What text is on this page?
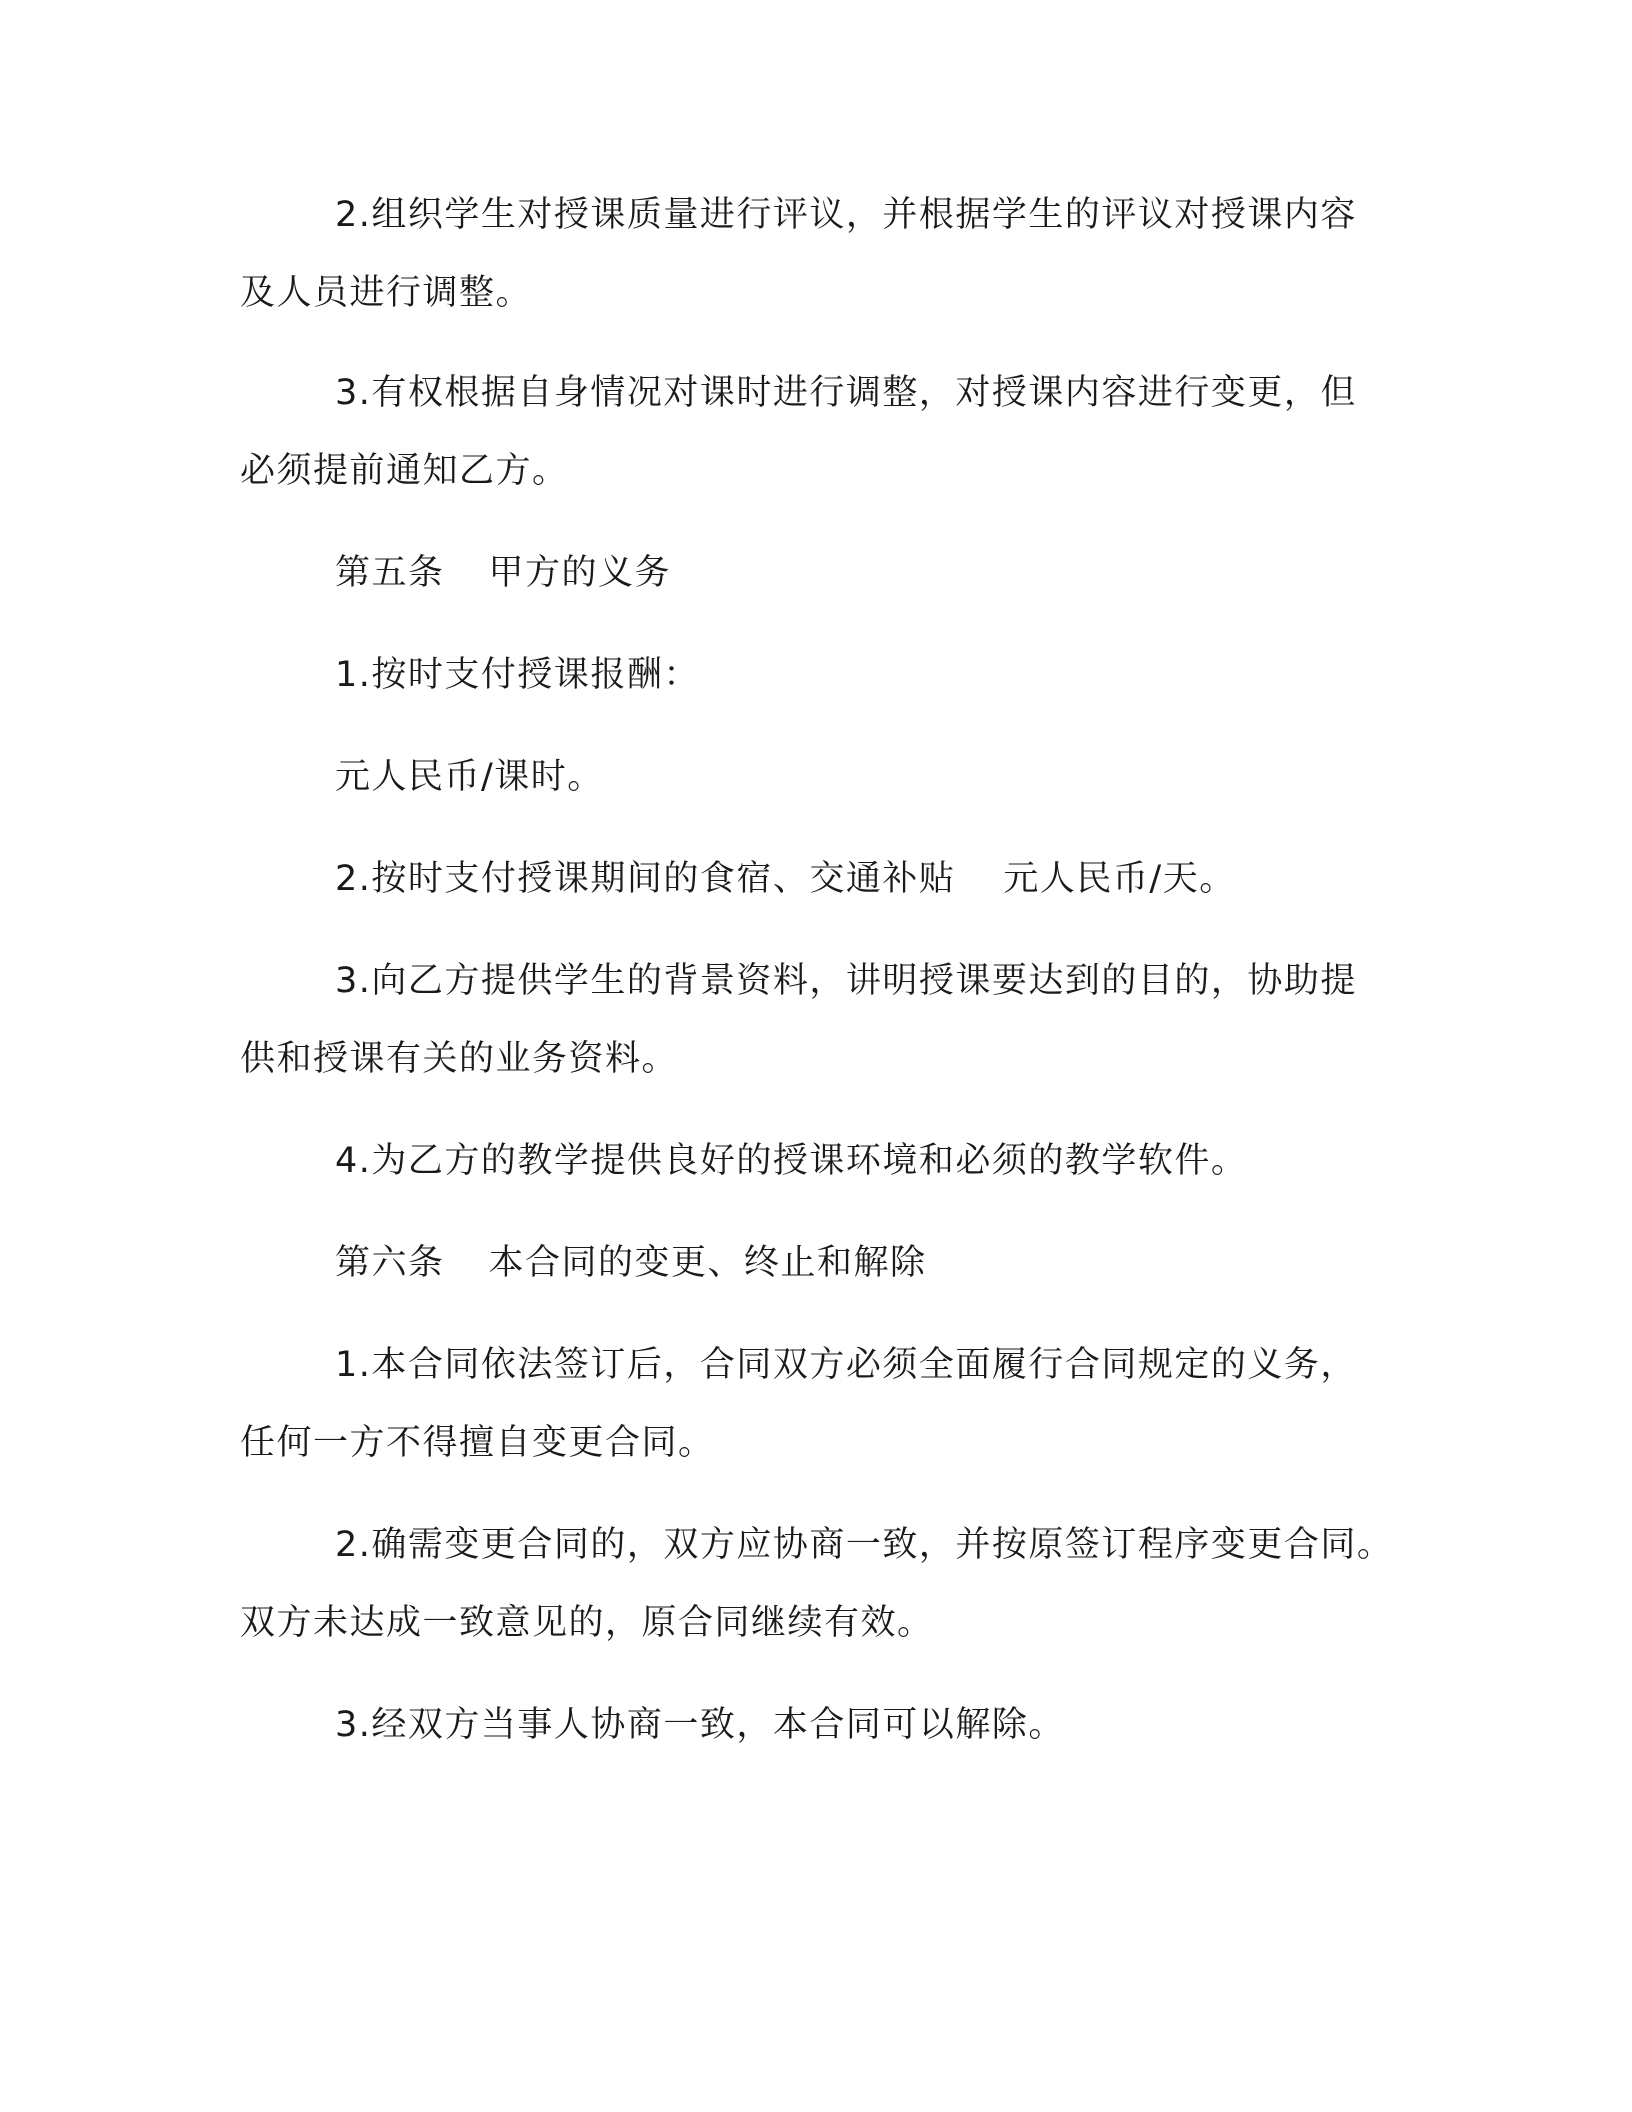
2.组织学生对授课质量进行评议，并根据学生的评议对授课内容
及人员进行调整。
3.有权根据自身情况对课时进行调整，对授课内容进行变更，但
必须提前通知乙方。
第五条 甲方的义务
1.按时支付授课报酬：
元人民币/课时。
2.按时支付授课期间的食宿、交通补贴 元人民币/天。
3.向乙方提供学生的背景资料，讲明授课要达到的目的，协助提
供和授课有关的业务资料。
4.为乙方的教学提供良好的授课环境和必须的教学软件。
第六条 本合同的变更、终止和解除
1.本合同依法签订后，合同双方必须全面履行合同规定的义务，
任何一方不得擅自变更合同。
2.确需变更合同的，双方应协商一致，并按原签订程序变更合同。
双方未达成一致意见的，原合同继续有效。
3.经双方当事人协商一致，本合同可以解除。
